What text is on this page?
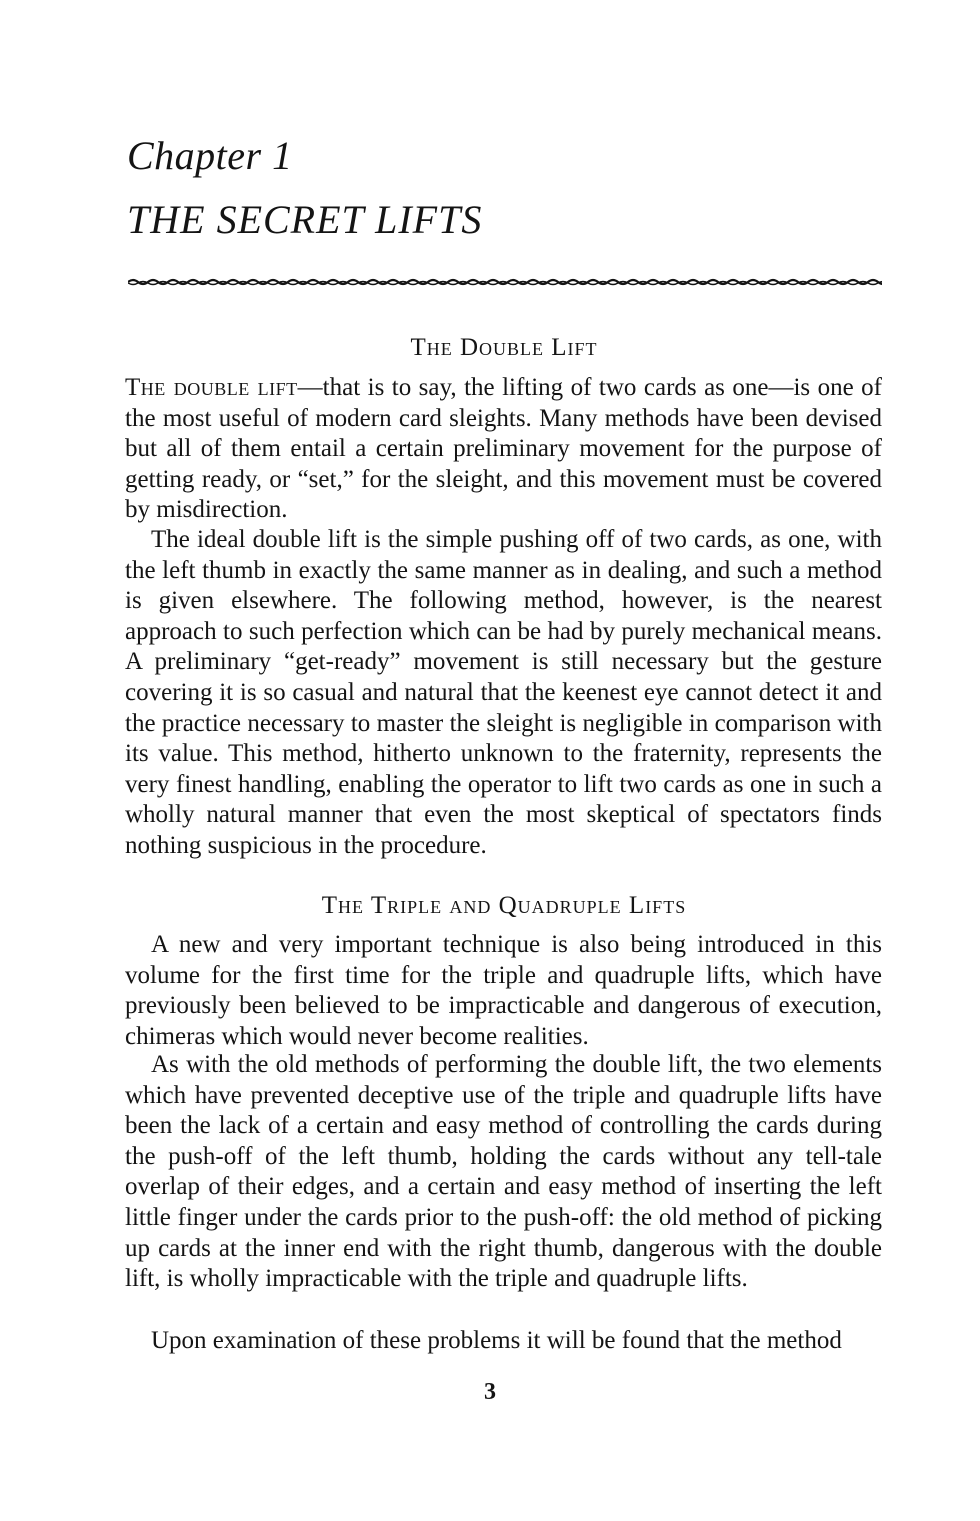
Chapter 1
THE SECRET LIFTS
The Double Lift

The double lift—that is to say, the lifting of two cards as one—is one of the most useful of modern card sleights. Many methods have been devised but all of them entail a certain preliminary movement for the purpose of getting ready, or “set,” for the sleight, and this movement must be covered by misdirection.

The ideal double lift is the simple pushing off of two cards, as one, with the left thumb in exactly the same manner as in dealing, and such a method is given elsewhere. The following method, however, is the nearest approach to such perfection which can be had by purely mechanical means. A preliminary “get-ready” movement is still necessary but the gesture covering it is so casual and natural that the keenest eye cannot detect it and the practice necessary to master the sleight is negligible in comparison with its value. This method, hitherto unknown to the fraternity, represents the very finest handling, enabling the operator to lift two cards as one in such a wholly natural manner that even the most skeptical of spectators finds nothing suspicious in the procedure.

The Triple and Quadruple Lifts

A new and very important technique is also being introduced in this volume for the first time for the triple and quadruple lifts, which have previously been believed to be impracticable and dangerous of execution, chimeras which would never become realities.

As with the old methods of performing the double lift, the two elements which have prevented deceptive use of the triple and quadruple lifts have been the lack of a certain and easy method of controlling the cards during the push-off of the left thumb, holding the cards without any tell-tale overlap of their edges, and a certain and easy method of inserting the left little finger under the cards prior to the push-off: the old method of picking up cards at the inner end with the right thumb, dangerous with the double lift, is wholly impracticable with the triple and quadruple lifts.

Upon examination of these problems it will be found that the method

3
